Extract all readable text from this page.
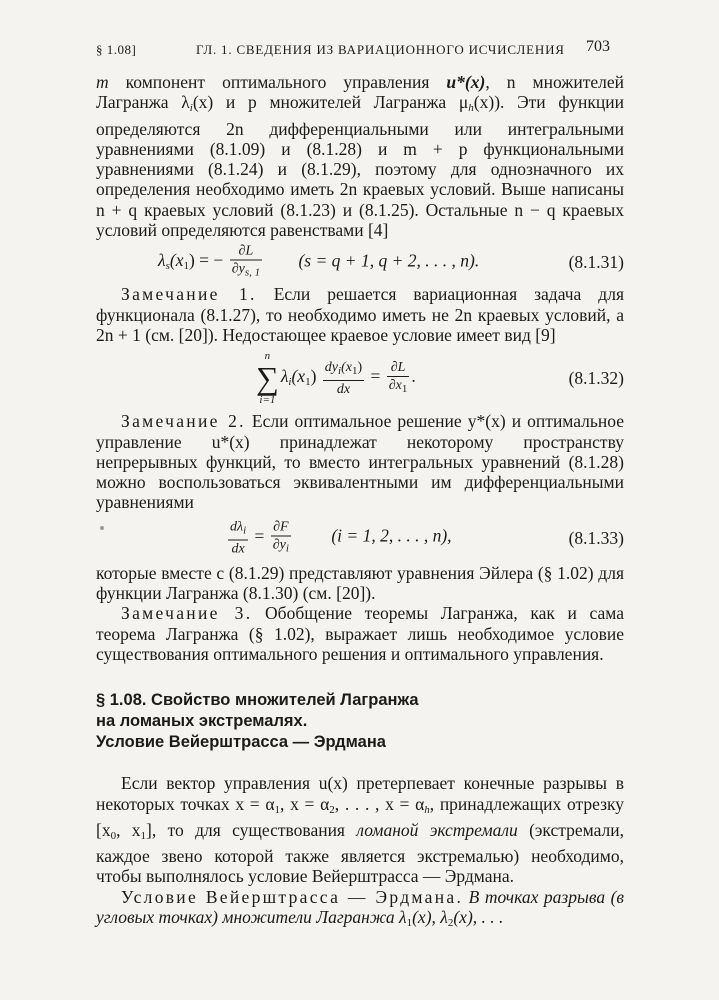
§ 1.08]	ГЛ. 1. СВЕДЕНИЯ ИЗ ВАРИАЦИОННОГО ИСЧИСЛЕНИЯ 703

m компонент оптимального управления u*(x), n множителей Лагранжа $\lambda_i(x)$ и p множителей Лагранжа $\mu_h(x)$). Эти функции определяются 2n дифференциальными или интегральными уравнениями (8.1.09) и (8.1.28) и m + p функциональными уравнениями (8.1.24) и (8.1.29), поэтому для однозначного их определения необходимо иметь 2n краевых условий. Выше написаны n + q краевых условий (8.1.23) и (8.1.25). Остальные n − q краевых условий определяются равенствами [4]

$\lambda_s(x_1)$ = − $\frac{\partial L}{\partial y_{s, 1}} (s = q + 1$, q + 2, . . . , n).	(8.1.31)

Замечание 1. Если решается вариационная задача для функционала (8.1.27), то необходимо иметь не 2n краевых условий, а 2n + 1 (см. [20]). Недостающее краевое условие имеет вид [9]

n
∑
i=1
$\lambda_i(x_1) \frac{dy_i(x_1)}{dx} = \frac{\partial L}{\partial x_1}$ .	(8.1.32)

Замечание 2. Если оптимальное решение y*(x) и оптимальное управление u*(x) принадлежат некоторому пространству непрерывных функций, то вместо интегральных уравнений (8.1.28) можно воспользоваться эквивалентными им дифференциальными уравнениями

$\frac{d\lambda_i}{dx} = \frac{\partial F}{\partial y_i} (i = 1$, 2, . . . , n),	(8.1.33)

которые вместе с (8.1.29) представляют уравнения Эйлера (§ 1.02) для функции Лагранжа (8.1.30) (см. [20]).

Замечание 3. Обобщение теоремы Лагранжа, как и сама теорема Лагранжа (§ 1.02), выражает лишь необходимое условие существования оптимального решения и оптимального управления.

§ 1.08. Свойство множителей Лагранжа
на ломаных экстремалях.
Условие Вейерштрасса — Эрдмана

Если вектор управления u(x) претерпевает конечные разрывы в некоторых точках $x = \alpha_1$, $x = \alpha_2$, . . . , $x = \alpha_h$, принадлежащих отрезку [$x_0$, $x_1$], то для существования ломаной экстремали (экстремали, каждое звено которой также является экстремалью) необходимо, чтобы выполнялось условие Вейерштрасса — Эрдмана.

Условие Вейерштрасса — Эрдмана. В точках разрыва (в угловых точках) множители Лагранжа $\lambda_1(x)$, $\lambda_2(x)$, . . .
